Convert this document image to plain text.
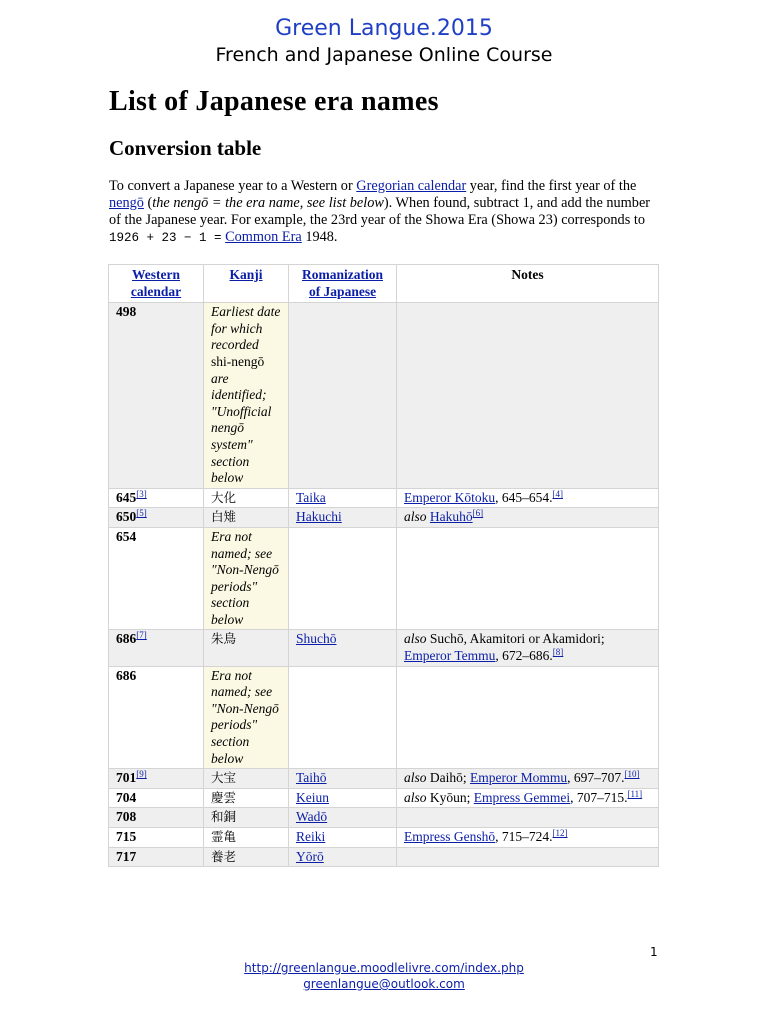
Green Langue.2015
French and Japanese Online Course
List of Japanese era names
Conversion table

To convert a Japanese year to a Western or Gregorian calendar year, find the first year of the nengō (the nengō = the era name, see list below). When found, subtract 1, and add the number of the Japanese year. For example, the 23rd year of the Showa Era (Showa 23) corresponds to 1926 + 23 − 1 = Common Era 1948.

Western calendar	Kanji	Romanization of Japanese	Notes
498	Earliest date for which recorded shi-nengō are identified; "Unofficial nengō system" section below		
645[3]	大化	Taika	Emperor Kōtoku, 645–654.[4]
650[5]	白雉	Hakuchi	also Hakuhō[6]
654	Era not named; see "Non-Nengō periods" section below		
686[7]	朱鳥	Shuchō	also Suchō, Akamitori or Akamidori; Emperor Temmu, 672–686.[8]
686	Era not named; see "Non-Nengō periods" section below		
701[9]	大宝	Taihō	also Daihō; Emperor Mommu, 697–707.[10]
704	慶雲	Keiun	also Kyōun; Empress Gemmei, 707–715.[11]
708	和銅	Wadō	
715	霊亀	Reiki	Empress Genshō, 715–724.[12]
717	養老	Yōrō	
1
http://greenlangue.moodlelivre.com/index.php
greenlangue@outlook.com
